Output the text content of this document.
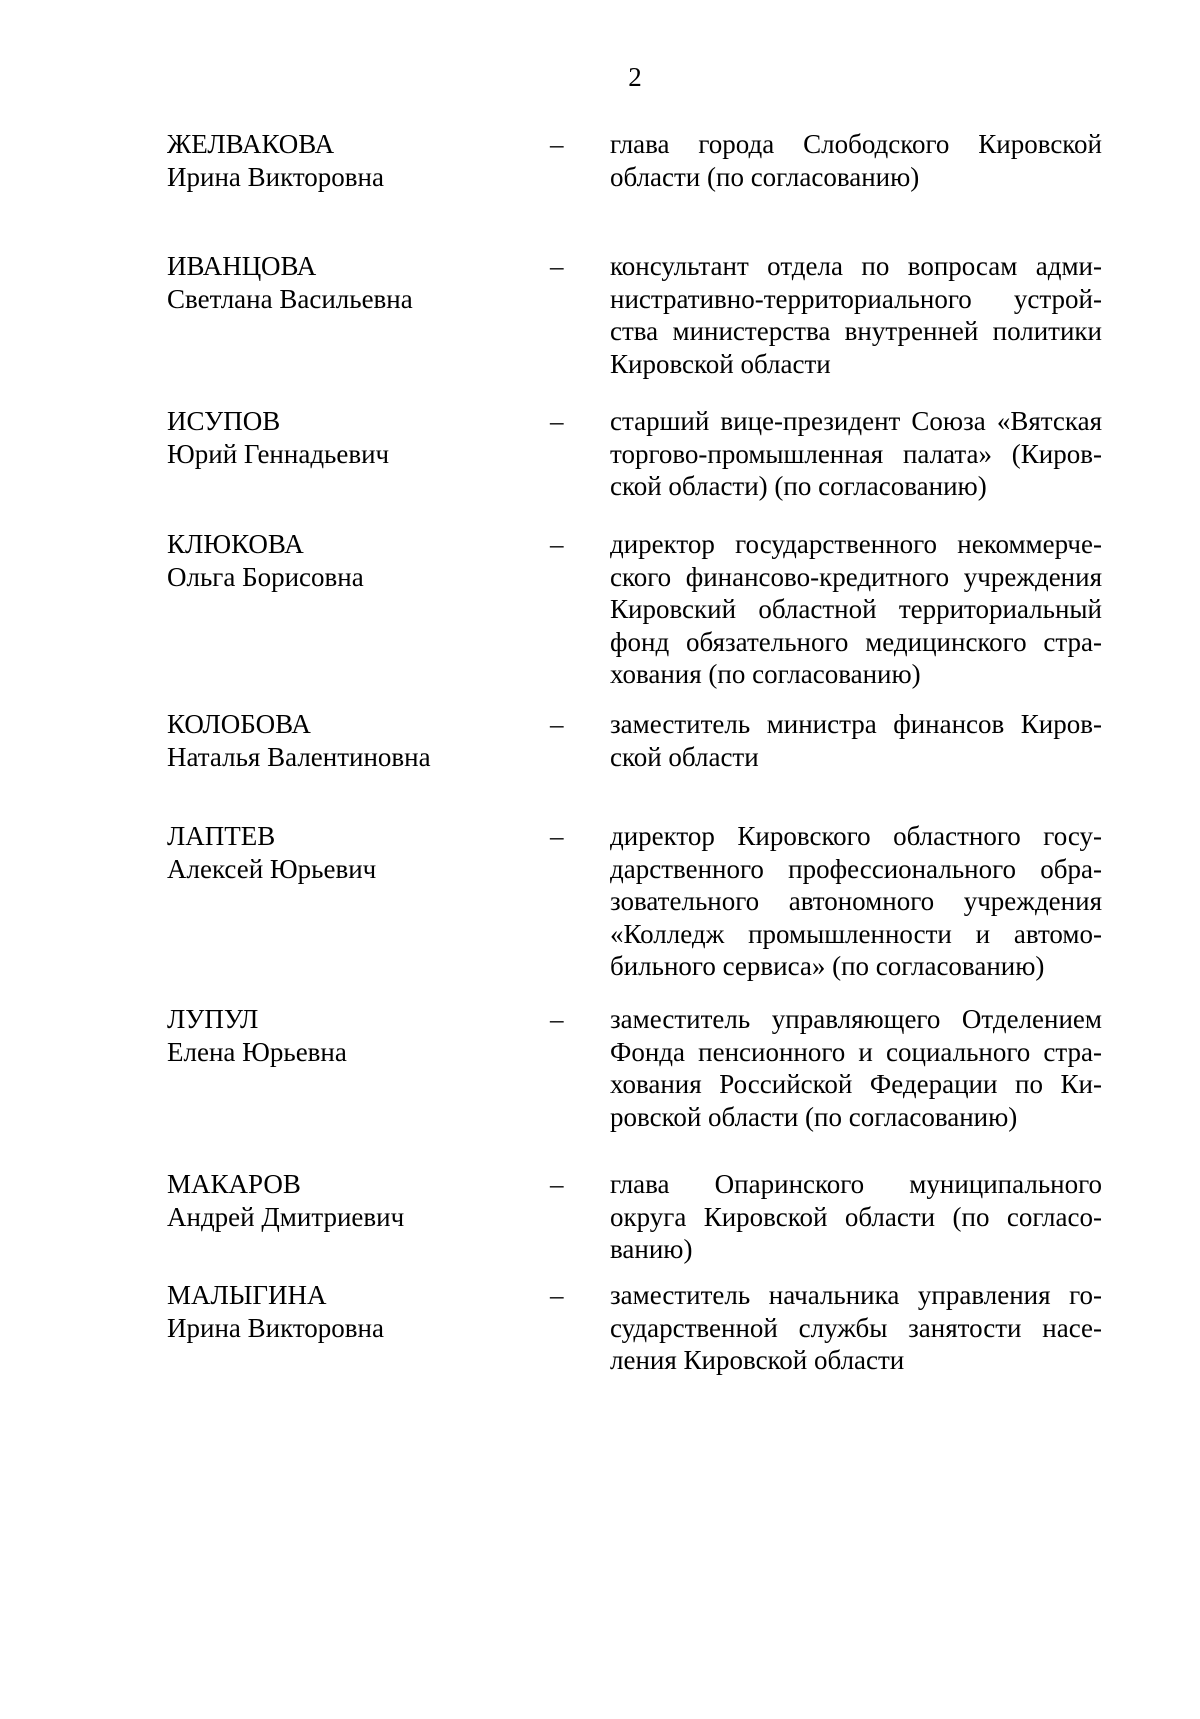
2
ЖЕЛВАКОВА
Ирина Викторовна
– глава города Слободского Кировской
области (по согласованию)
ИВАНЦОВА
Светлана Васильевна
– консультант отдела по вопросам адми-
нистративно-территориального устрой-
ства министерства внутренней политики
Кировской области
ИСУПОВ
Юрий Геннадьевич
– старший вице-президент Союза «Вятская
торгово-промышленная палата» (Киров-
ской области) (по согласованию)
КЛЮКОВА
Ольга Борисовна
– директор государственного некоммерче-
ского финансово-кредитного учреждения
Кировский областной территориальный
фонд обязательного медицинского стра-
хования (по согласованию)
КОЛОБОВА
Наталья Валентиновна
– заместитель министра финансов Киров-
ской области
ЛАПТЕВ
Алексей Юрьевич
– директор Кировского областного госу-
дарственного профессионального обра-
зовательного автономного учреждения
«Колледж промышленности и автомо-
бильного сервиса» (по согласованию)
ЛУПУЛ
Елена Юрьевна
– заместитель управляющего Отделением
Фонда пенсионного и социального стра-
хования Российской Федерации по Ки-
ровской области (по согласованию)
МАКАРОВ
Андрей Дмитриевич
– глава Опаринского муниципального
округа Кировской области (по согласо-
ванию)
МАЛЫГИНА
Ирина Викторовна
– заместитель начальника управления го-
сударственной службы занятости насе-
ления Кировской области
